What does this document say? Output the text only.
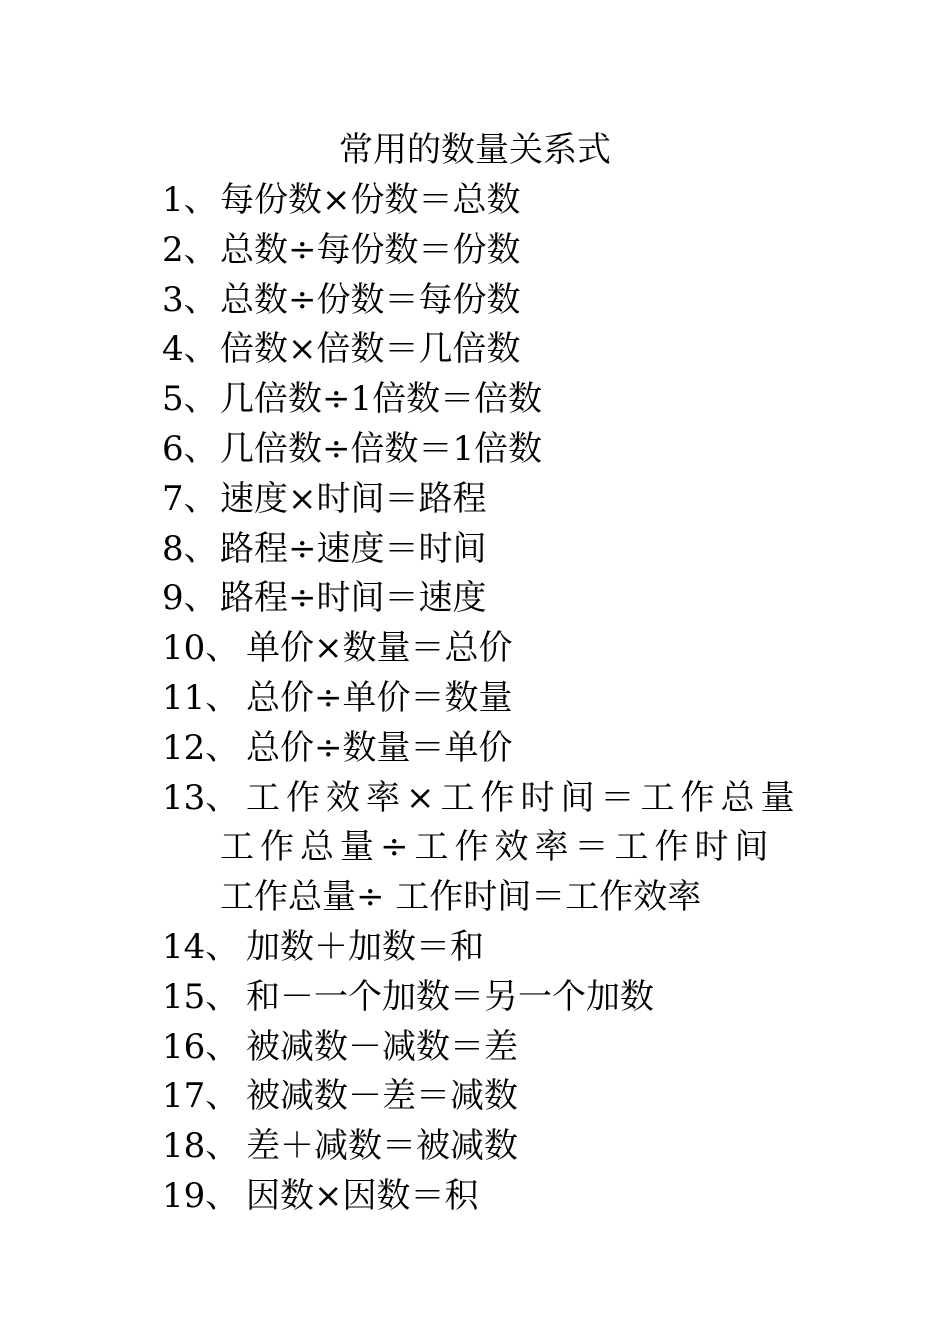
常用的数量关系式
1、每份数×份数＝总数
2、总数÷每份数＝份数
3、总数÷份数＝每份数
4、倍数×倍数＝几倍数
5、几倍数÷1倍数＝倍数
6、几倍数÷倍数＝1倍数
7、速度×时间＝路程
8、路程÷速度＝时间
9、路程÷时间＝速度
10、 单价×数量＝总价
11、 总价÷单价＝数量
12、 总价÷数量＝单价
13、 工作效率×工作时间＝工作总量
工作总量÷工作效率＝工作时间
工作总量÷ 工作时间＝工作效率
14、 加数＋加数＝和
15、 和－一个加数＝另一个加数
16、 被减数－减数＝差
17、 被减数－差＝减数
18、 差＋减数＝被减数
19、 因数×因数＝积
